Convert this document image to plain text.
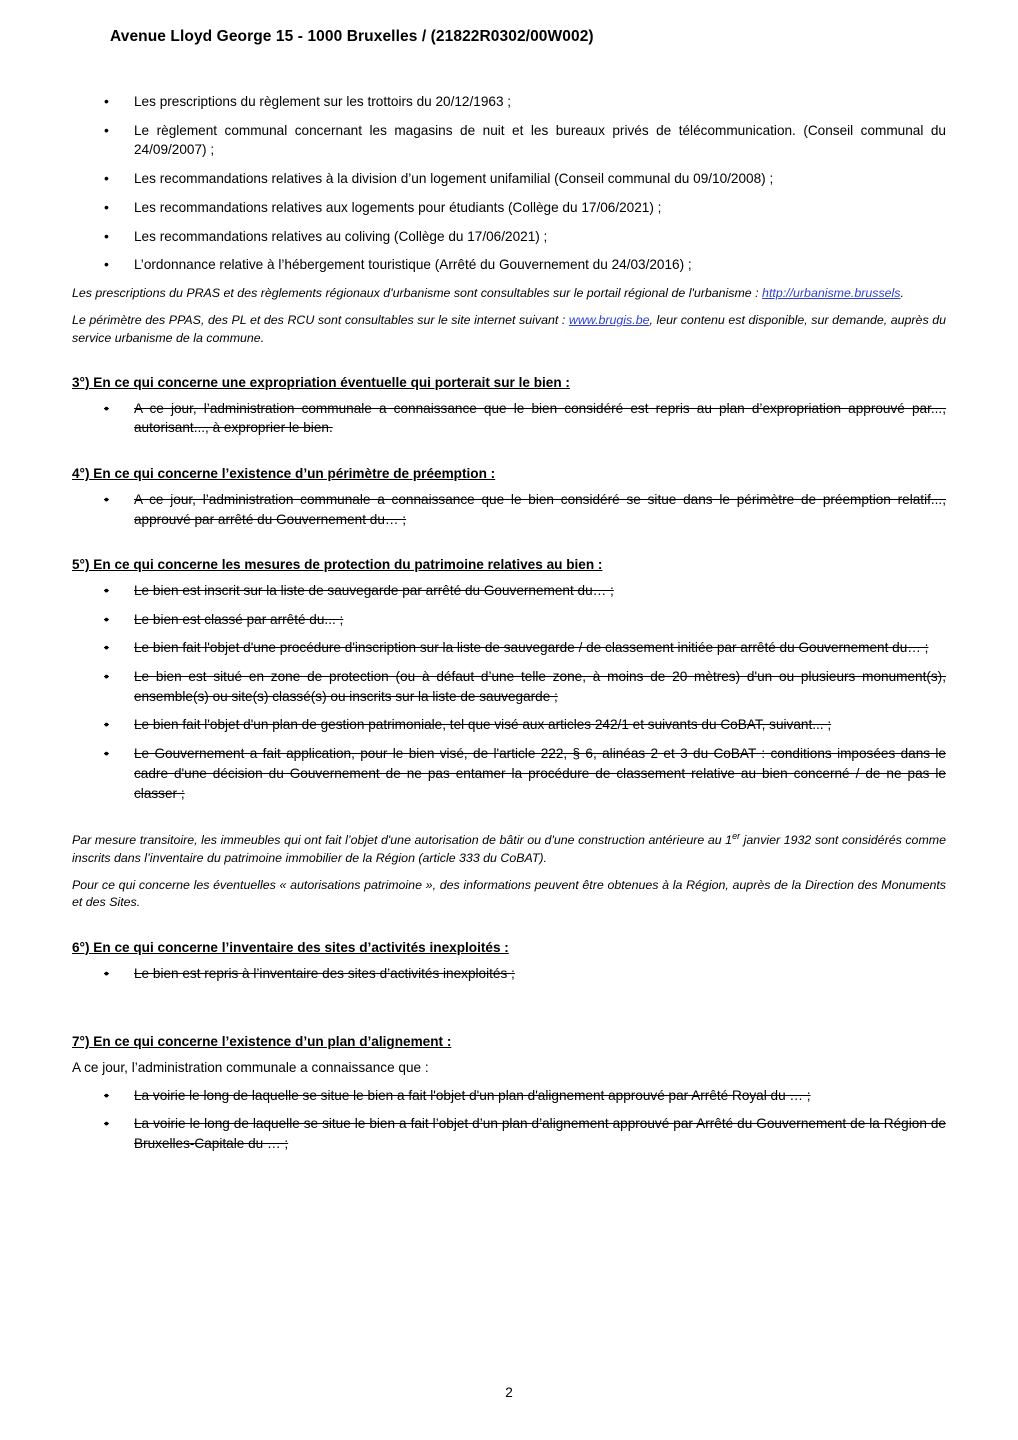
Avenue Lloyd George 15 - 1000 Bruxelles / (21822R0302/00W002)
• Les prescriptions du règlement sur les trottoirs du 20/12/1963 ;
• Le règlement communal concernant les magasins de nuit et les bureaux privés de télécommunication. (Conseil communal du 24/09/2007) ;
• Les recommandations relatives à la division d’un logement unifamilial (Conseil communal du 09/10/2008) ;
• Les recommandations relatives aux logements pour étudiants (Collège du 17/06/2021) ;
• Les recommandations relatives au coliving (Collège du 17/06/2021) ;
• L’ordonnance relative à l’hébergement touristique (Arrêté du Gouvernement du 24/03/2016) ;

Les prescriptions du PRAS et des règlements régionaux d'urbanisme sont consultables sur le portail régional de l'urbanisme : http://urbanisme.brussels.

Le périmètre des PPAS, des PL et des RCU sont consultables sur le site internet suivant : www.brugis.be, leur contenu est disponible, sur demande, auprès du service urbanisme de la commune.

3°) En ce qui concerne une expropriation éventuelle qui porterait sur le bien :
• A ce jour, l’administration communale a connaissance que le bien considéré est repris au plan d’expropriation approuvé par..., autorisant..., à exproprier le bien.
4°) En ce qui concerne l’existence d’un périmètre de préemption :
• A ce jour, l’administration communale a connaissance que le bien considéré se situe dans le périmètre de préemption relatif..., approuvé par arrêté du Gouvernement du… ;
5°) En ce qui concerne les mesures de protection du patrimoine relatives au bien :
• Le bien est inscrit sur la liste de sauvegarde par arrêté du Gouvernement du… ;
• Le bien est classé par arrêté du... ;
• Le bien fait l'objet d'une procédure d'inscription sur la liste de sauvegarde / de classement initiée par arrêté du Gouvernement du… ;
• Le bien est situé en zone de protection (ou à défaut d’une telle zone, à moins de 20 mètres) d'un ou plusieurs monument(s), ensemble(s) ou site(s) classé(s) ou inscrits sur la liste de sauvegarde ;
• Le bien fait l'objet d'un plan de gestion patrimoniale, tel que visé aux articles 242/1 et suivants du CoBAT, suivant... ;
• Le Gouvernement a fait application, pour le bien visé, de l'article 222, § 6, alinéas 2 et 3 du CoBAT : conditions imposées dans le cadre d'une décision du Gouvernement de ne pas entamer la procédure de classement relative au bien concerné / de ne pas le classer ;

Par mesure transitoire, les immeubles qui ont fait l’objet d'une autorisation de bâtir ou d'une construction antérieure au 1er janvier 1932 sont considérés comme inscrits dans l’inventaire du patrimoine immobilier de la Région (article 333 du CoBAT).

Pour ce qui concerne les éventuelles « autorisations patrimoine », des informations peuvent être obtenues à la Région, auprès de la Direction des Monuments et des Sites.

6°) En ce qui concerne l’inventaire des sites d’activités inexploités :
• Le bien est repris à l’inventaire des sites d’activités inexploités ;
7°) En ce qui concerne l’existence d’un plan d’alignement :
A ce jour, l’administration communale a connaissance que :
• La voirie le long de laquelle se situe le bien a fait l'objet d'un plan d'alignement approuvé par Arrêté Royal du … ;
• La voirie le long de laquelle se situe le bien a fait l’objet d’un plan d’alignement approuvé par Arrêté du Gouvernement de la Région de Bruxelles-Capitale du … ;
2
